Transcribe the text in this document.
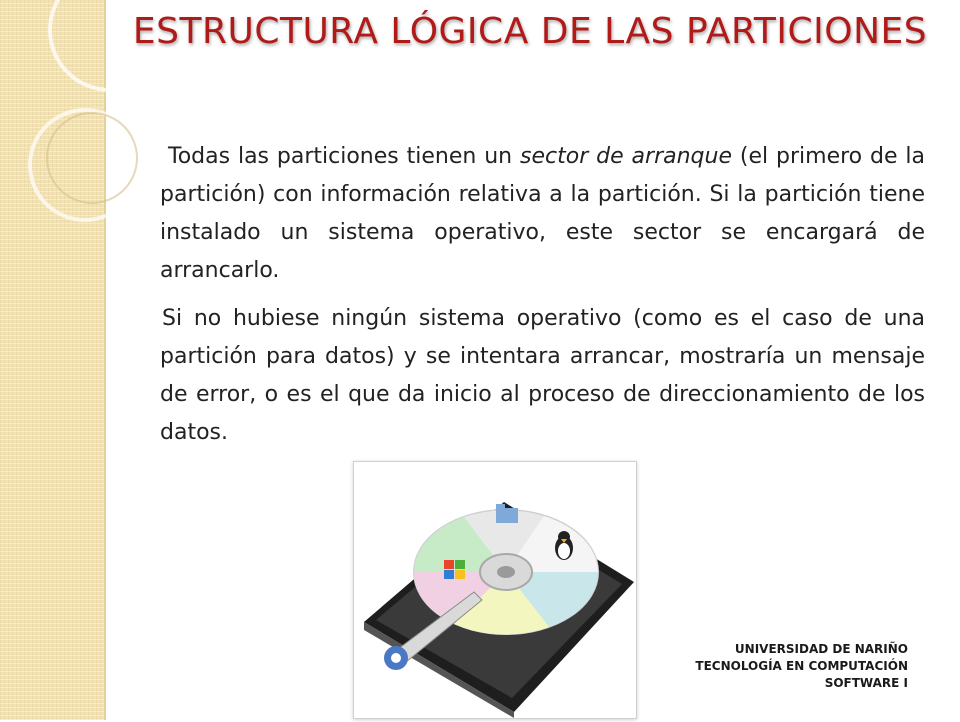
ESTRUCTURA LÓGICA DE LAS PARTICIONES

Todas las particiones tienen un sector de arranque (el primero de la partición) con información relativa a la partición. Si la partición tiene instalado un sistema operativo, este sector se encargará de arrancarlo.

Si no hubiese ningún sistema operativo (como es el caso de una partición para datos) y se intentara arrancar, mostraría un mensaje de error, o es el que da inicio al proceso de direccionamiento de los datos.

UNIVERSIDAD DE NARIÑO
TECNOLOGÍA EN COMPUTACIÓN
SOFTWARE I
